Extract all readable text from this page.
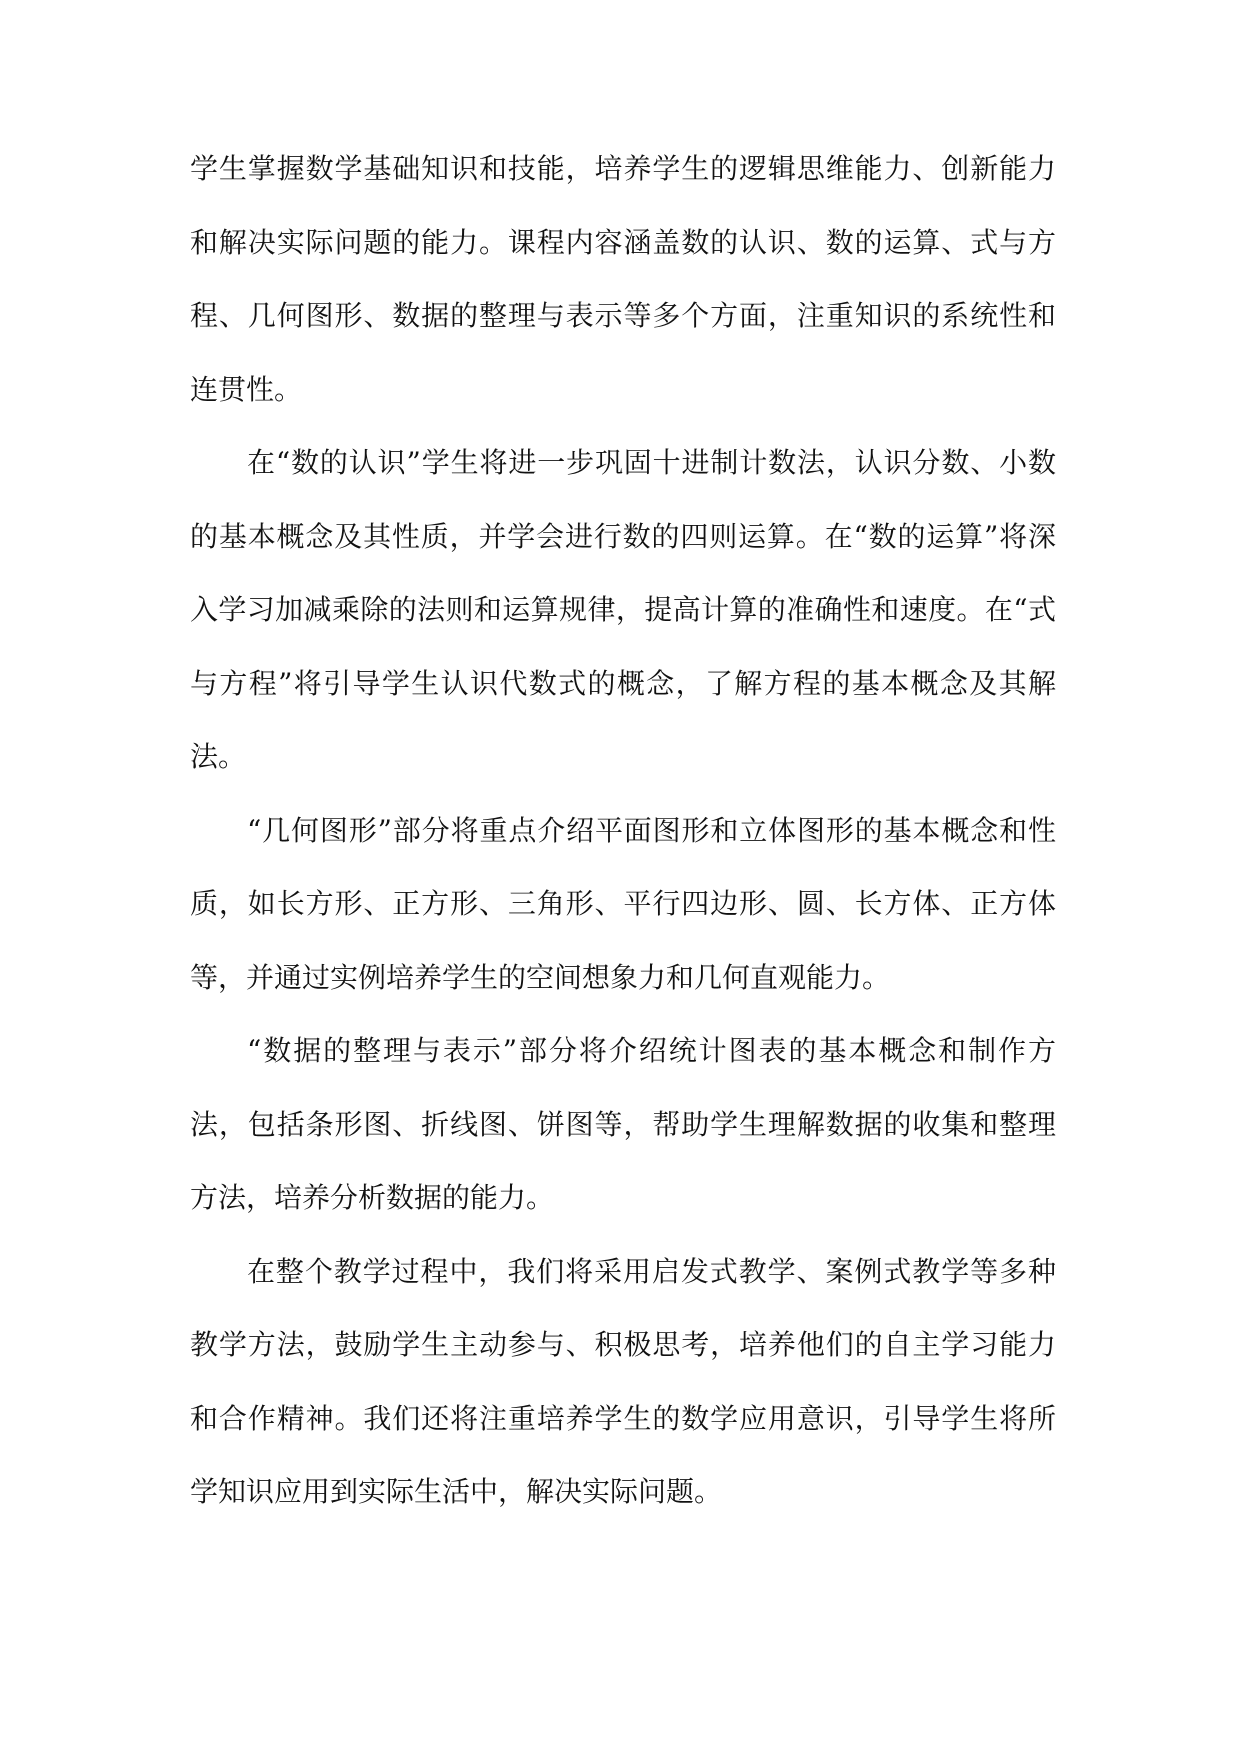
学生掌握数学基础知识和技能，培养学生的逻辑思维能力、创新能力和解决实际问题的能力。课程内容涵盖数的认识、数的运算、式与方程、几何图形、数据的整理与表示等多个方面，注重知识的系统性和连贯性。

在“数的认识”学生将进一步巩固十进制计数法，认识分数、小数的基本概念及其性质，并学会进行数的四则运算。在“数的运算”将深入学习加减乘除的法则和运算规律，提高计算的准确性和速度。在“式与方程”将引导学生认识代数式的概念，了解方程的基本概念及其解法。

“几何图形”部分将重点介绍平面图形和立体图形的基本概念和性质，如长方形、正方形、三角形、平行四边形、圆、长方体、正方体等，并通过实例培养学生的空间想象力和几何直观能力。

“数据的整理与表示”部分将介绍统计图表的基本概念和制作方法，包括条形图、折线图、饼图等，帮助学生理解数据的收集和整理方法，培养分析数据的能力。

在整个教学过程中，我们将采用启发式教学、案例式教学等多种教学方法，鼓励学生主动参与、积极思考，培养他们的自主学习能力和合作精神。我们还将注重培养学生的数学应用意识，引导学生将所学知识应用到实际生活中，解决实际问题。
